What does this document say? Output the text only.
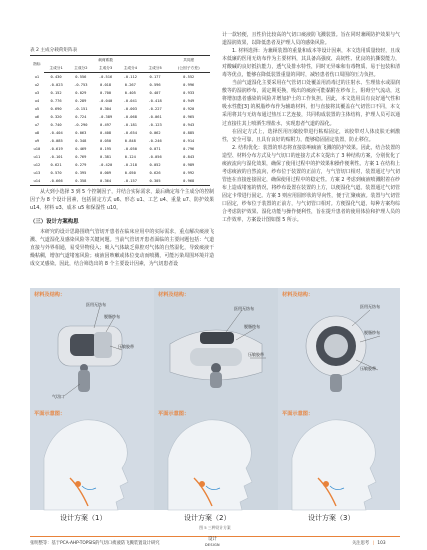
表 2 主成分载荷矩阵表
指标	载荷系数					共同度
	主成分1	主成分2	主成分3	主成分4	主成分5	(公因子方差)
u1	0.430	0.556	-0.516	-0.112	0.177	0.552
u2	-0.023	-0.753	0.018	0.267	0.596	0.996
u3	0.152	0.029	0.700	0.405	0.407	0.933
u4	0.776	0.289	-0.040	-0.041	-0.418	0.949
u5	0.690	-0.151	0.304	-0.003	-0.227	0.920
u6	0.320	0.724	-0.389	-0.068	-0.061	0.965
u7	0.740	-0.290	0.497	-0.181	-0.123	0.943
u8	-0.404	0.063	0.408	-0.654	0.062	0.885
u9	-0.085	0.348	0.050	0.848	-0.246	0.914
u10	-0.619	0.469	0.195	-0.050	0.071	0.796
u11	-0.101	0.769	0.381	0.124	-0.056	0.843
u12	0.621	0.279	-0.420	-0.218	0.052	0.989
u13	0.570	0.395	0.009	0.050	0.626	0.992
u14	-0.666	0.358	0.364	-0.157	0.305	0.968

从大到小选择 3 到 5 个控制因子，并结合实际需求，最后确定每个主成分的控制因子为 8 个设计因素，包括固定方式 u6、形态 u1、工艺 u4、重量 u7、防护效果 u14、材料 u3、成本 u5 和保湿性 u10。

（三）设计方案构思

本研究的设计思路围绕气管切开患者在临床应用中的实际需求，重点解决痰液飞溅、气道湿化及感染风险等关键问题。当前气管切开患者面临的主要问题包括：气道直接与外界相通，易受异物侵入；吸入气体缺乏鼻腔对气体的自然湿化，导致痰液干燥粘稠，增加气道堵塞风险；痰液因咳嗽或体位变动而喷溅，可能污染周围环境并造成交叉感染。因此，结合筛选出的 8 个主要设计因素，为气切患者设

计一款轻便，且性价比较高的气切口痰液防飞溅装置。旨在同时兼顾防护效果与气道湿润效果，以降低患者及护理人员的感染风险。

1. 材料选择：为兼顾装置的重量和成本等设计因素，本文选用质量较轻，且成本低廉的医用无纺布作为主要材料，其具备高强度、高韧性、优良的抗撕裂能力，对酸碱的良好抵抗能力，透气及排水特性，同时无异味和有毒物质，易于包装和清毒等优点，能够在降低装置重量的同时，减轻患者伤口周围的压力负担。

当前气道湿化主要采用在气管切口处覆盖用消毒过的注射水、生理盐水或湿润敷等的湿润纱布，需定期更换，吸出的痰液可能黏附在纱布上，阻碍空气流动，这将增加患者感染的风险并增加护士的工作负担。因此，本文选用具有良好通气性和吸水性能[3] 的脱脂纱布作为辅助材料，但与直接将其覆盖在气切管口不同，本文采用将其与无纺布通过热压工艺连接，共同构成装置的主体结构，护理人员可以通过直接往其上喷洒生理盐水，实现患者气道的湿化。

在固定方式上，选择医用压敏胶带进行粘贴固定，该胶带对人体皮肤无刺激性，安全可靠，且具有良好的贴附力，能够稳固固定装置，防止移位。

2. 结构优化：装置的形态将直接影响痰液飞溅的防护效果。因此，结合装置的造型、材料分布方式及与气切口的连接方式本文提出了 3 种结构方案，分别优化了痰液流向与湿化效果，确保了使用过程中的护效果和操作便利性。方案 1 在结构上考虑痰液的自然流向，纱布位于装置的正前方，与气管切口相对，装置通过与气切管连在直接连接固定，确保使用过程中的稳定性。方案 2 考虑到痰液喷溅附着在纱布上造成堵塞的情况，将纱布设置在装置的上方，以便湿化气道。装置通过气切管固定卡带进行固定。方案 3 则应用圆形状的导向性，便于汇聚痰液。装置与气切管口固定，纱布位于装置的正前方，与气切管口相对。方便湿化气道，每种方案均综合考虑防护效果、湿化功能与操作便利性，旨在提升患者的使用体验和护理人员的工作效率，方案设计图如图 5 所示。

材料及结构：
医用无纺布
脱脂纱布
压敏胶带
气切口
平面示意图：
材料及结构：
医用无纺布
脱脂纱布
压敏胶带
平面示意图：
材料及结构：
医用无纺布
脱脂纱布
压敏胶带
平面示意图：
设计方案（1）	设计方案（2）	设计方案（3）
图 5 三种设计方案
张明整等：基于PCA-AHP-TOPSIS的气切口痰液防飞溅装置设计研究
设计
DESIGN	关注思考 | 103
